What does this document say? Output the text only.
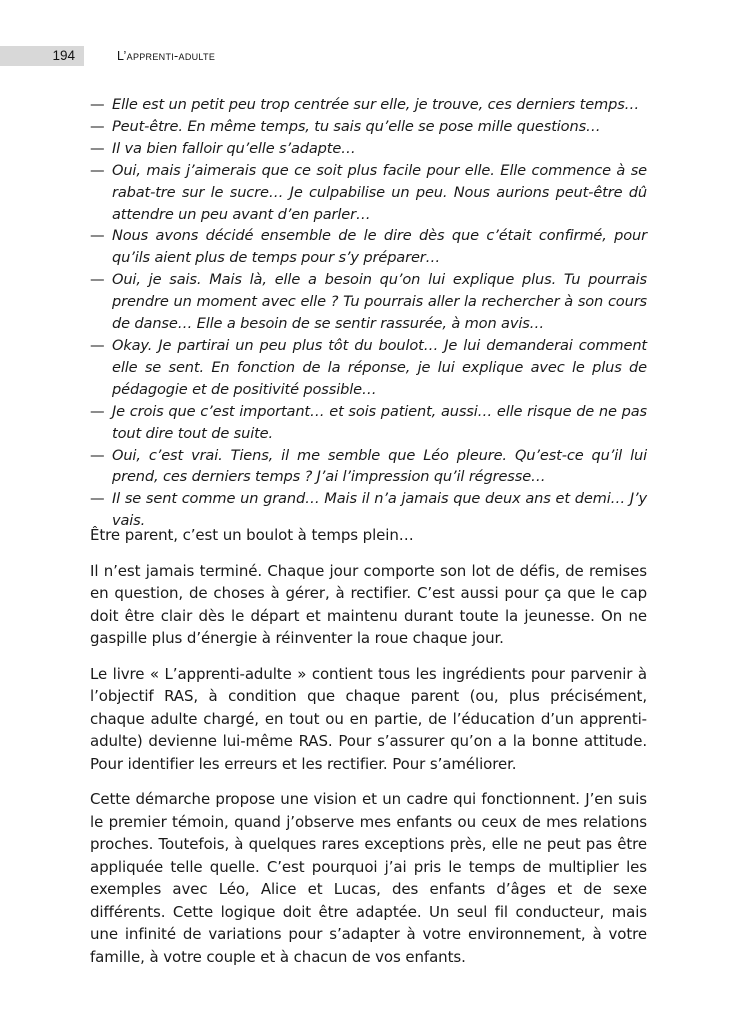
194	L’apprenti-adulte
— Elle est un petit peu trop centrée sur elle, je trouve, ces derniers temps…
— Peut-être. En même temps, tu sais qu’elle se pose mille questions…
— Il va bien falloir qu’elle s’adapte…
— Oui, mais j’aimerais que ce soit plus facile pour elle. Elle commence à se rabat-tre sur le sucre… Je culpabilise un peu. Nous aurions peut-être dû attendre un peu avant d’en parler…
— Nous avons décidé ensemble de le dire dès que c’était confirmé, pour qu’ils aient plus de temps pour s’y préparer…
— Oui, je sais. Mais là, elle a besoin qu’on lui explique plus. Tu pourrais prendre un moment avec elle ? Tu pourrais aller la rechercher à son cours de danse… Elle a besoin de se sentir rassurée, à mon avis…
— Okay. Je partirai un peu plus tôt du boulot… Je lui demanderai comment elle se sent. En fonction de la réponse, je lui explique avec le plus de pédagogie et de positivité possible…
— Je crois que c’est important… et sois patient, aussi… elle risque de ne pas tout dire tout de suite.
— Oui, c’est vrai. Tiens, il me semble que Léo pleure. Qu’est-ce qu’il lui prend, ces derniers temps ? J’ai l’impression qu’il régresse…
— Il se sent comme un grand… Mais il n’a jamais que deux ans et demi… J’y vais.

Être parent, c’est un boulot à temps plein…

Il n’est jamais terminé. Chaque jour comporte son lot de défis, de remises en question, de choses à gérer, à rectifier. C’est aussi pour ça que le cap doit être clair dès le départ et maintenu durant toute la jeunesse. On ne gaspille plus d’énergie à réinventer la roue chaque jour.

Le livre « L’apprenti-adulte » contient tous les ingrédients pour parvenir à l’objectif RAS, à condition que chaque parent (ou, plus précisément, chaque adulte chargé, en tout ou en partie, de l’éducation d’un apprenti-adulte) devienne lui-même RAS. Pour s’assurer qu’on a la bonne attitude. Pour identifier les erreurs et les rectifier. Pour s’améliorer.

Cette démarche propose une vision et un cadre qui fonctionnent. J’en suis le premier témoin, quand j’observe mes enfants ou ceux de mes relations proches. Toutefois, à quelques rares exceptions près, elle ne peut pas être appliquée telle quelle. C’est pourquoi j’ai pris le temps de multiplier les exemples avec Léo, Alice et Lucas, des enfants d’âges et de sexe différents. Cette logique doit être adaptée. Un seul fil conducteur, mais une infinité de variations pour s’adapter à votre environnement, à votre famille, à votre couple et à chacun de vos enfants.
